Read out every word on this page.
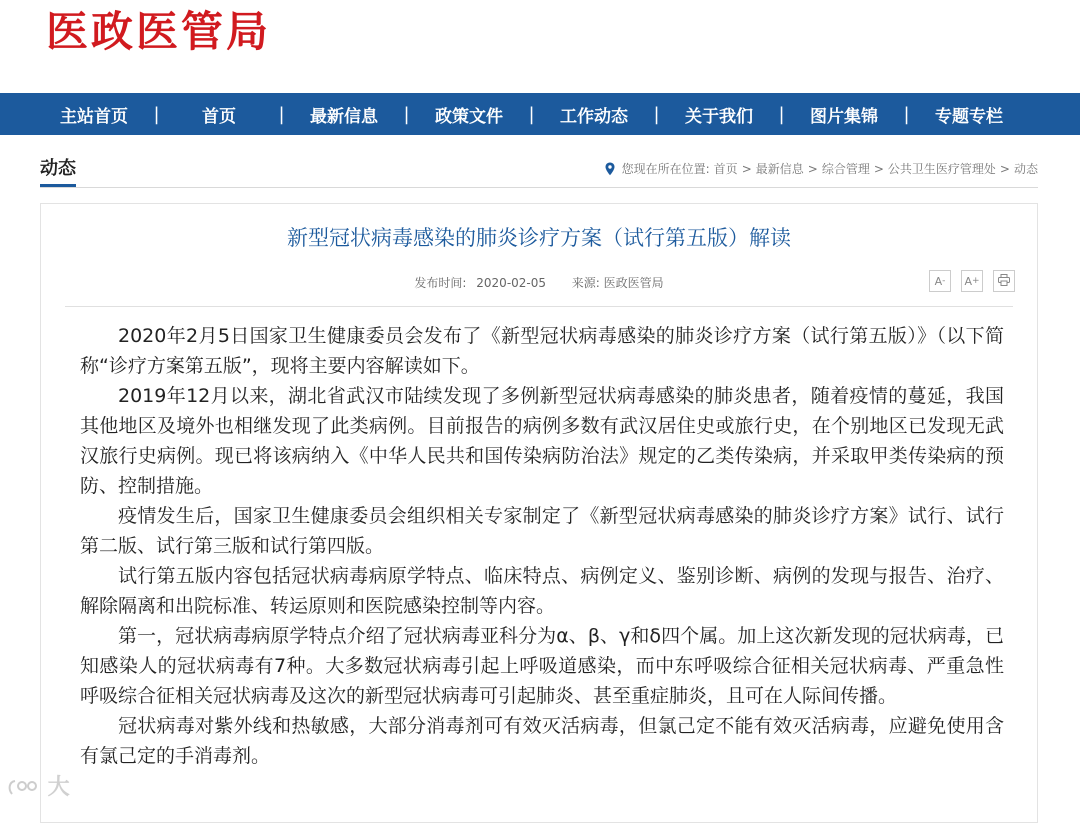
医政医管局
主站首页	|	首页	|	最新信息	|	政策文件	|	工作动态	|	关于我们	|	图片集锦	|	专题专栏
动态	您现在所在位置: 首页 > 最新信息 > 综合管理 > 公共卫生医疗管理处 > 动态
新型冠状病毒感染的肺炎诊疗方案（试行第五版）解读
发布时间: 2020-02-05 来源: 医政医管局	A - A +

2020年2月5日国家卫生健康委员会发布了《新型冠状病毒感染的肺炎诊疗方案（试行第五版）》（以下简称“诊疗方案第五版”，现将主要内容解读如下。

2019年12月以来，湖北省武汉市陆续发现了多例新型冠状病毒感染的肺炎患者，随着疫情的蔓延，我国其他地区及境外也相继发现了此类病例。目前报告的病例多数有武汉居住史或旅行史，在个别地区已发现无武汉旅行史病例。现已将该病纳入《中华人民共和国传染病防治法》规定的乙类传染病，并采取甲类传染病的预防、控制措施。

疫情发生后，国家卫生健康委员会组织相关专家制定了《新型冠状病毒感染的肺炎诊疗方案》试行、试行第二版、试行第三版和试行第四版。

试行第五版内容包括冠状病毒病原学特点、临床特点、病例定义、鉴别诊断、病例的发现与报告、治疗、解除隔离和出院标准、转运原则和医院感染控制等内容。

第一，冠状病毒病原学特点介绍了冠状病毒亚科分为α、β、γ和δ四个属。加上这次新发现的冠状病毒，已知感染人的冠状病毒有7种。大多数冠状病毒引起上呼吸道感染，而中东呼吸综合征相关冠状病毒、严重急性呼吸综合征相关冠状病毒及这次的新型冠状病毒可引起肺炎、甚至重症肺炎，且可在人际间传播。

冠状病毒对紫外线和热敏感，大部分消毒剂可有效灭活病毒，但氯己定不能有效灭活病毒，应避免使用含有氯己定的手消毒剂。

大
